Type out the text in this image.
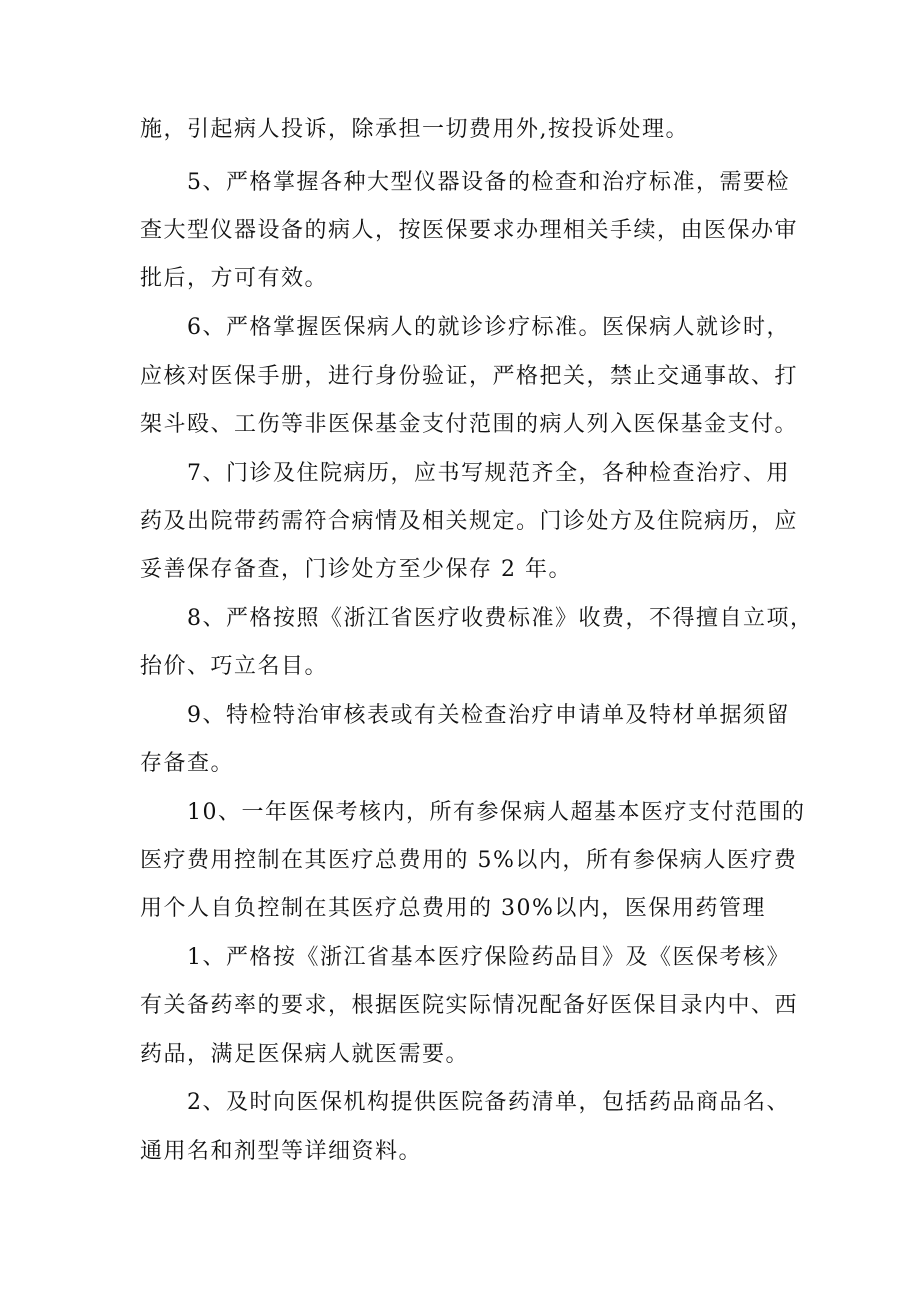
施，引起病人投诉，除承担一切费用外,按投诉处理。
5、严格掌握各种大型仪器设备的检查和治疗标准，需要检
查大型仪器设备的病人，按医保要求办理相关手续，由医保办审
批后，方可有效。
6、严格掌握医保病人的就诊诊疗标准。医保病人就诊时，
应核对医保手册，进行身份验证，严格把关，禁止交通事故、打
架斗殴、工伤等非医保基金支付范围的病人列入医保基金支付。
7、门诊及住院病历，应书写规范齐全，各种检查治疗、用
药及出院带药需符合病情及相关规定。门诊处方及住院病历，应
妥善保存备查，门诊处方至少保存 2 年。
8、严格按照《浙江省医疗收费标准》收费，不得擅自立项，
抬价、巧立名目。
9、特检特治审核表或有关检查治疗申请单及特材单据须留
存备查。
10、一年医保考核内，所有参保病人超基本医疗支付范围的
医疗费用控制在其医疗总费用的 5%以内，所有参保病人医疗费
用个人自负控制在其医疗总费用的 30%以内，医保用药管理
1、严格按《浙江省基本医疗保险药品目》及《医保考核》
有关备药率的要求，根据医院实际情况配备好医保目录内中、西
药品，满足医保病人就医需要。
2、及时向医保机构提供医院备药清单，包括药品商品名、
通用名和剂型等详细资料。
